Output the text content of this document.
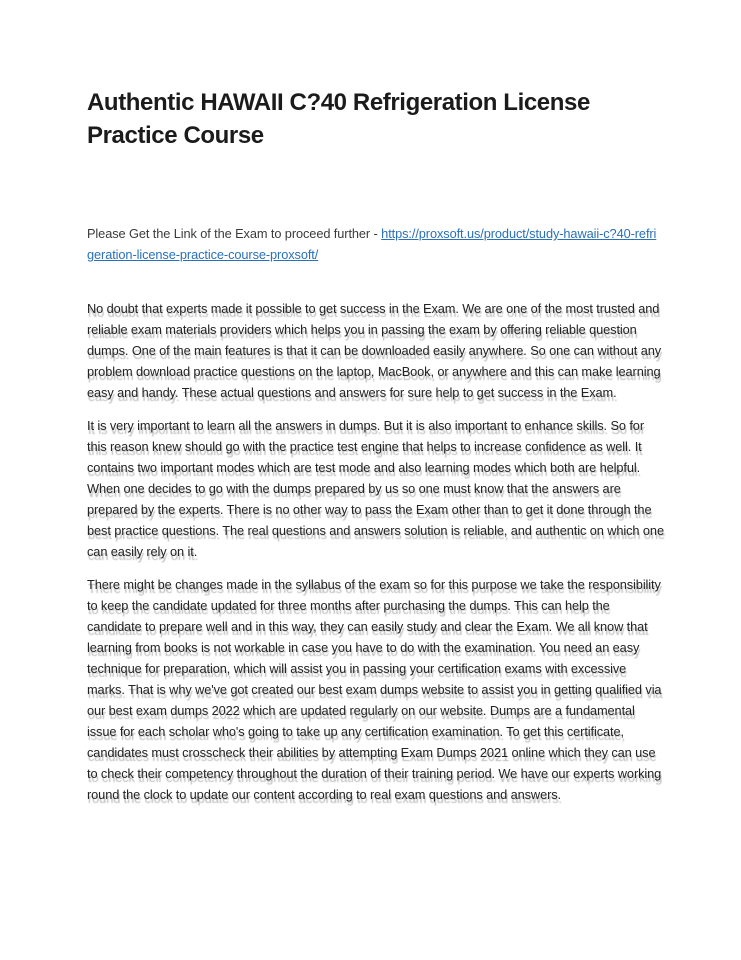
Authentic HAWAII C?40 Refrigeration License
Practice Course

Please Get the Link of the Exam to proceed further - https://proxsoft.us/product/study-hawaii-c?40-refrigeration-license-practice-course-proxsoft/

No doubt that experts made it possible to get success in the Exam. We are one of the most trusted and reliable exam materials providers which helps you in passing the exam by offering reliable question dumps. One of the main features is that it can be downloaded easily anywhere. So one can without any problem download practice questions on the laptop, MacBook, or anywhere and this can make learning easy and handy. These actual questions and answers for sure help to get success in the Exam.

It is very important to learn all the answers in dumps. But it is also important to enhance skills. So for this reason knew should go with the practice test engine that helps to increase confidence as well. It contains two important modes which are test mode and also learning modes which both are helpful. When one decides to go with the dumps prepared by us so one must know that the answers are prepared by the experts. There is no other way to pass the Exam other than to get it done through the best practice questions. The real questions and answers solution is reliable, and authentic on which one can easily rely on it.

There might be changes made in the syllabus of the exam so for this purpose we take the responsibility to keep the candidate updated for three months after purchasing the dumps. This can help the candidate to prepare well and in this way, they can easily study and clear the Exam. We all know that learning from books is not workable in case you have to do with the examination. You need an easy technique for preparation, which will assist you in passing your certification exams with excessive marks. That is why we've got created our best exam dumps website to assist you in getting qualified via our best exam dumps 2022 which are updated regularly on our website. Dumps are a fundamental issue for each scholar who's going to take up any certification examination. To get this certificate, candidates must crosscheck their abilities by attempting Exam Dumps 2021 online which they can use to check their competency throughout the duration of their training period. We have our experts working round the clock to update our content according to real exam questions and answers.
